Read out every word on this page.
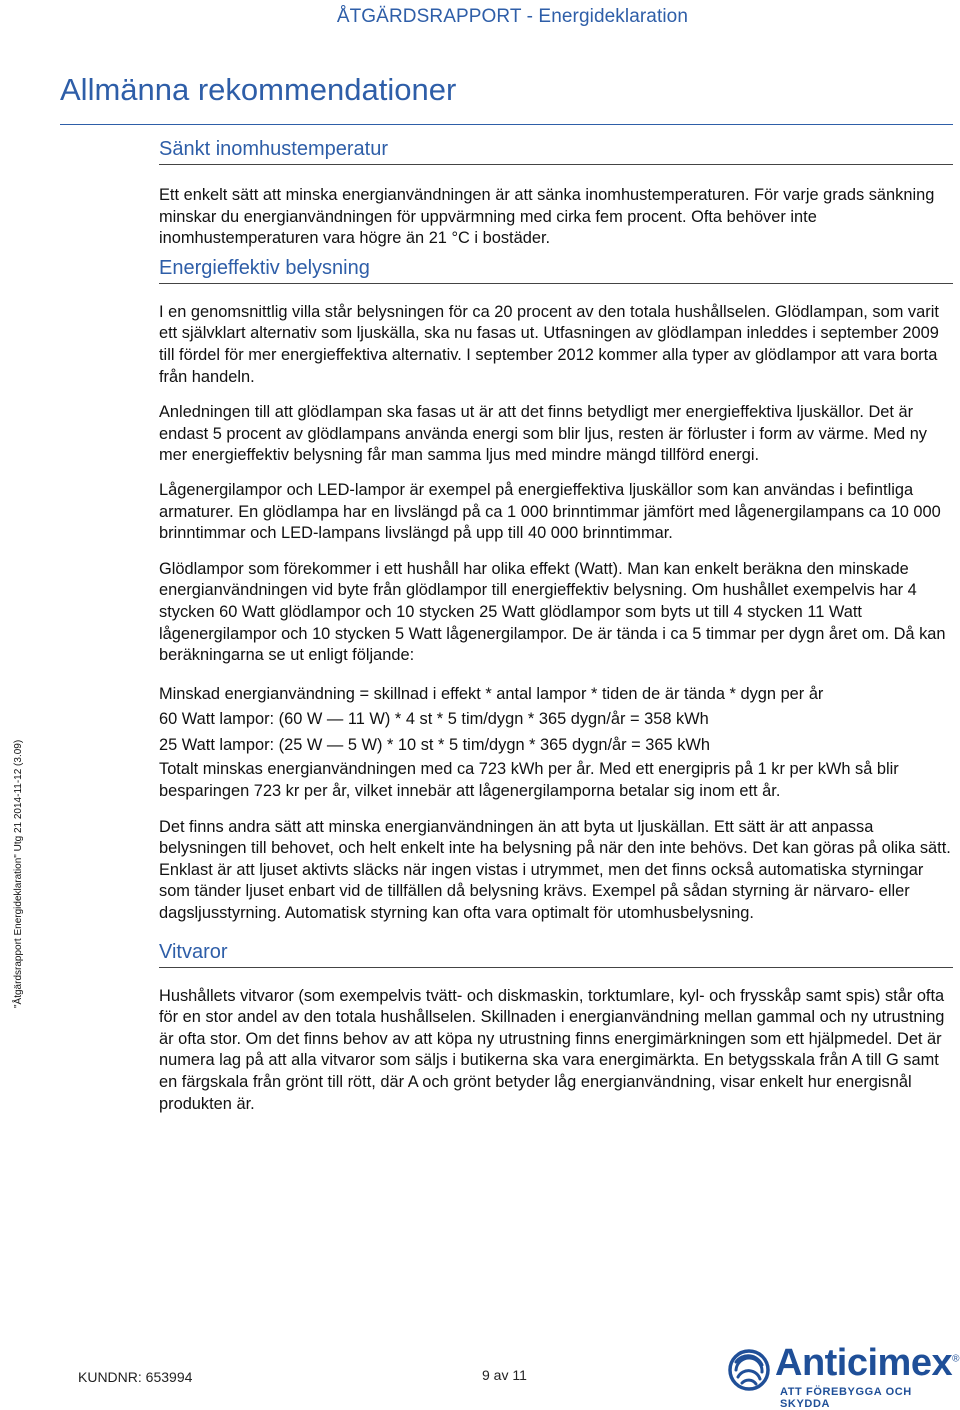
ÅTGÄRDSRAPPORT - Energideklaration
Allmänna rekommendationer
Sänkt inomhustemperatur

Ett enkelt sätt att minska energianvändningen är att sänka inomhustemperaturen. För varje grads sänkning minskar du energianvändningen för uppvärmning med cirka fem procent. Ofta behöver inte inomhustemperaturen vara högre än 21 °C i bostäder.

Energieffektiv belysning

I en genomsnittlig villa står belysningen för ca 20 procent av den totala hushållselen. Glödlampan, som varit ett självklart alternativ som ljuskälla, ska nu fasas ut. Utfasningen av glödlampan inleddes i september 2009 till fördel för mer energieffektiva alternativ. I september 2012 kommer alla typer av glödlampor att vara borta från handeln.

Anledningen till att glödlampan ska fasas ut är att det finns betydligt mer energieffektiva ljuskällor. Det är endast 5 procent av glödlampans använda energi som blir ljus, resten är förluster i form av värme. Med ny mer energieffektiv belysning får man samma ljus med mindre mängd tillförd energi.

Lågenergilampor och LED-lampor är exempel på energieffektiva ljuskällor som kan användas i befintliga armaturer. En glödlampa har en livslängd på ca 1 000 brinntimmar jämfört med lågenergilampans ca 10 000 brinntimmar och LED-lampans livslängd på upp till 40 000 brinntimmar.

Glödlampor som förekommer i ett hushåll har olika effekt (Watt). Man kan enkelt beräkna den minskade energianvändningen vid byte från glödlampor till energieffektiv belysning. Om hushållet exempelvis har 4 stycken 60 Watt glödlampor och 10 stycken 25 Watt glödlampor som byts ut till 4 stycken 11 Watt lågenergilampor och 10 stycken 5 Watt lågenergilampor. De är tända i ca 5 timmar per dygn året om. Då kan beräkningarna se ut enligt följande:

Minskad energianvändning = skillnad i effekt * antal lampor * tiden de är tända * dygn per år

60 Watt lampor: (60 W — 11 W) * 4 st * 5 tim/dygn * 365 dygn/år = 358 kWh

25 Watt lampor: (25 W — 5 W) * 10 st * 5 tim/dygn * 365 dygn/år = 365 kWh

Totalt minskas energianvändningen med ca 723 kWh per år. Med ett energipris på 1 kr per kWh så blir besparingen 723 kr per år, vilket innebär att lågenergilamporna betalar sig inom ett år.

Det finns andra sätt att minska energianvändningen än att byta ut ljuskällan. Ett sätt är att anpassa belysningen till behovet, och helt enkelt inte ha belysning på när den inte behövs. Det kan göras på olika sätt. Enklast är att ljuset aktivts släcks när ingen vistas i utrymmet, men det finns också automatiska styrningar som tänder ljuset enbart vid de tillfällen då belysning krävs. Exempel på sådan styrning är närvaro- eller dagsljusstyrning. Automatisk styrning kan ofta vara optimalt för utomhusbelysning.

Vitvaror

Hushållets vitvaror (som exempelvis tvätt- och diskmaskin, torktumlare, kyl- och frysskåp samt spis) står ofta för en stor andel av den totala hushållselen. Skillnaden i energianvändning mellan gammal och ny utrustning är ofta stor. Om det finns behov av att köpa ny utrustning finns energimärkningen som ett hjälpmedel. Det är numera lag på att alla vitvaror som säljs i butikerna ska vara energimärkta. En betygsskala från A till G samt en färgskala från grönt till rött, där A och grönt betyder låg energianvändning, visar enkelt hur energisnål produkten är.

"Åtgärdsrapport Energideklaration" Utg 21 2014-11-12 (3.09)
KUNDNR: 653994	9 av 11	Anticimex®
ATT FÖREBYGGA OCH SKYDDA
